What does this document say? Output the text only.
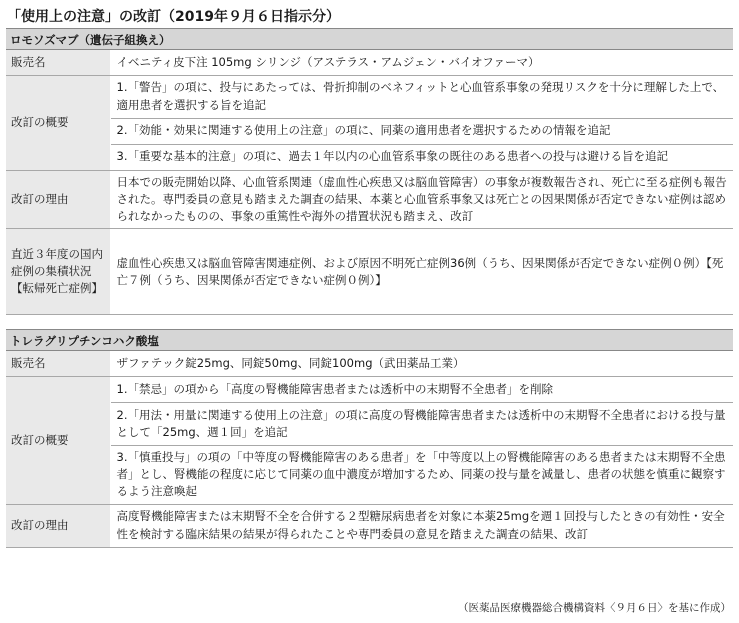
「使用上の注意」の改訂（2019年９月６日指示分）
ロモソズマブ（遺伝子組換え）
販売名	イベニティ皮下注 105mg シリンジ（アステラス・アムジェン・バイオファーマ）
改訂の概要	1.「警告」の項に、投与にあたっては、骨折抑制のベネフィットと心血管系事象の発現リスクを十分に理解した上で、適用患者を選択する旨を追記
	2.「効能・効果に関連する使用上の注意」の項に、同薬の適用患者を選択するための情報を追記
	3.「重要な基本的注意」の項に、過去１年以内の心血管系事象の既往のある患者への投与は避ける旨を追記
改訂の理由	日本での販売開始以降、心血管系関連（虚血性心疾患又は脳血管障害）の事象が複数報告され、死亡に至る症例も報告された。専門委員の意見も踏まえた調査の結果、本薬と心血管系事象又は死亡との因果関係が否定できない症例は認められなかったものの、事象の重篤性や海外の措置状況も踏まえ、改訂
直近３年度の国内症例の集積状況【転帰死亡症例】	虚血性心疾患又は脳血管障害関連症例、および原因不明死亡症例36例（うち、因果関係が否定できない症例０例）【死亡７例（うち、因果関係が否定できない症例０例）】
トレラグリプチンコハク酸塩
販売名	ザファテック錠25mg、同錠50mg、同錠100mg（武田薬品工業）
改訂の概要	1.「禁忌」の項から「高度の腎機能障害患者または透析中の末期腎不全患者」を削除
	2.「用法・用量に関連する使用上の注意」の項に高度の腎機能障害患者または透析中の末期腎不全患者における投与量として「25mg、週１回」を追記
	3.「慎重投与」の項の「中等度の腎機能障害のある患者」を「中等度以上の腎機能障害のある患者または末期腎不全患者」とし、腎機能の程度に応じて同薬の血中濃度が増加するため、同薬の投与量を減量し、患者の状態を慎重に観察するよう注意喚起
改訂の理由	高度腎機能障害または末期腎不全を合併する２型糖尿病患者を対象に本薬25mgを週１回投与したときの有効性・安全性を検討する臨床結果の結果が得られたことや専門委員の意見を踏まえた調査の結果、改訂
（医薬品医療機器総合機構資料〈９月６日〉を基に作成）
